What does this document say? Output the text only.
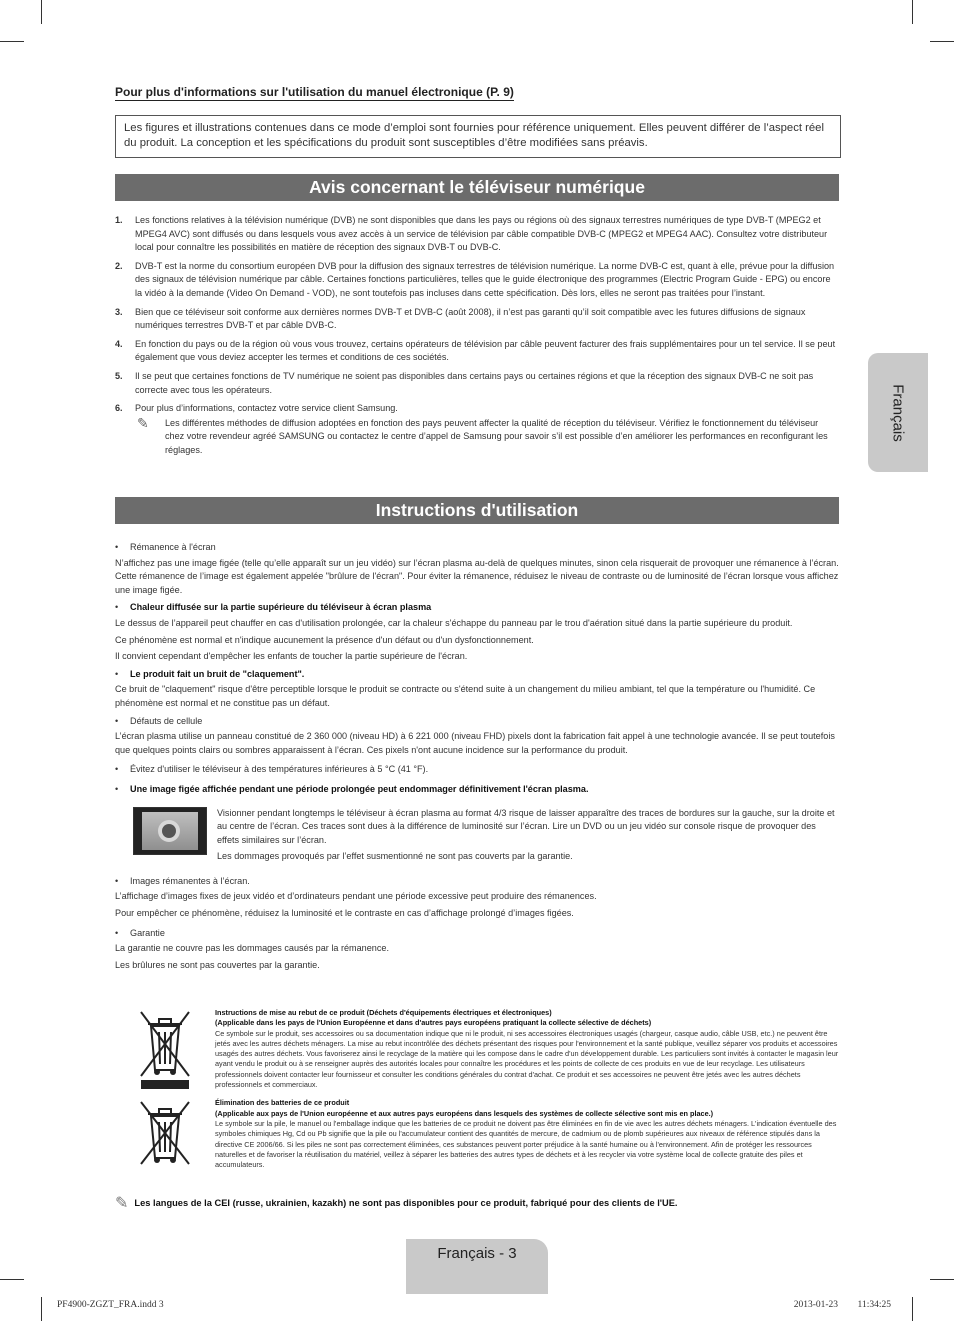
Français
Pour plus d'informations sur l'utilisation du manuel électronique (P. 9)
Les figures et illustrations contenues dans ce mode d’emploi sont fournies pour référence uniquement. Elles peuvent différer de l’aspect réel du produit. La conception et les spécifications du produit sont susceptibles d’être modifiées sans préavis.
Avis concernant le téléviseur numérique
1.	Les fonctions relatives à la télévision numérique (DVB) ne sont disponibles que dans les pays ou régions où des signaux terrestres numériques de type DVB-T (MPEG2 et MPEG4 AVC) sont diffusés ou dans lesquels vous avez accès à un service de télévision par câble compatible DVB-C (MPEG2 et MPEG4 AAC). Consultez votre distributeur local pour connaître les possibilités en matière de réception des signaux DVB-T ou DVB-C.
2.	DVB-T est la norme du consortium européen DVB pour la diffusion des signaux terrestres de télévision numérique. La norme DVB-C est, quant à elle, prévue pour la diffusion des signaux de télévision numérique par câble. Certaines fonctions particulières, telles que le guide électronique des programmes (Electric Program Guide - EPG) ou encore la vidéo à la demande (Video On Demand - VOD), ne sont toutefois pas incluses dans cette spécification. Dès lors, elles ne seront pas traitées pour l’instant.
3.	Bien que ce téléviseur soit conforme aux dernières normes DVB-T et DVB-C (août 2008), il n’est pas garanti qu’il soit compatible avec les futures diffusions de signaux numériques terrestres DVB-T et par câble DVB-C.
4.	En fonction du pays ou de la région où vous vous trouvez, certains opérateurs de télévision par câble peuvent facturer des frais supplémentaires pour un tel service. Il se peut également que vous deviez accepter les termes et conditions de ces sociétés.
5.	Il se peut que certaines fonctions de TV numérique ne soient pas disponibles dans certains pays ou certaines régions et que la réception des signaux DVB-C ne soit pas correcte avec tous les opérateurs.
6.	Pour plus d’informations, contactez votre service client Samsung.
✎	Les différentes méthodes de diffusion adoptées en fonction des pays peuvent affecter la qualité de réception du téléviseur. Vérifiez le fonctionnement du téléviseur chez votre revendeur agréé SAMSUNG ou contactez le centre d’appel de Samsung pour savoir s’il est possible d’en améliorer les performances en reconfigurant les réglages.
Instructions d'utilisation
•	Rémanence à l'écran
N’affichez pas une image figée (telle qu’elle apparaît sur un jeu vidéo) sur l’écran plasma au-delà de quelques minutes, sinon cela risquerait de provoquer une rémanence à l’écran. Cette rémanence de l’image est également appelée "brûlure de l'écran". Pour éviter la rémanence, réduisez le niveau de contraste ou de luminosité de l’écran lorsque vous affichez une image figée.
•	Chaleur diffusée sur la partie supérieure du téléviseur à écran plasma
Le dessus de l’appareil peut chauffer en cas d'utilisation prolongée, car la chaleur s'échappe du panneau par le trou d'aération situé dans la partie supérieure du produit.
Ce phénomène est normal et n'indique aucunement la présence d'un défaut ou d'un dysfonctionnement.
Il convient cependant d'empêcher les enfants de toucher la partie supérieure de l'écran.
•	Le produit fait un bruit de "claquement".
Ce bruit de "claquement" risque d'être perceptible lorsque le produit se contracte ou s'étend suite à un changement du milieu ambiant, tel que la température ou l'humidité. Ce phénomène est normal et ne constitue pas un défaut.
•	Défauts de cellule
L’écran plasma utilise un panneau constitué de 2 360 000 (niveau HD) à 6 221 000 (niveau FHD) pixels dont la fabrication fait appel à une technologie avancée. Il se peut toutefois que quelques points clairs ou sombres apparaissent à l’écran. Ces pixels n'ont aucune incidence sur la performance du produit.
•	Évitez d'utiliser le téléviseur à des températures inférieures à 5 °C (41 °F).
•	Une image figée affichée pendant une période prolongée peut endommager définitivement l'écran plasma.
Visionner pendant longtemps le téléviseur à écran plasma au format 4/3 risque de laisser apparaître des traces de bordures sur la gauche, sur la droite et au centre de l’écran. Ces traces sont dues à la différence de luminosité sur l’écran. Lire un DVD ou un jeu vidéo sur console risque de provoquer des effets similaires sur l’écran.
Les dommages provoqués par l’effet susmentionné ne sont pas couverts par la garantie.
•	Images rémanentes à l’écran.
L’affichage d’images fixes de jeux vidéo et d’ordinateurs pendant une période excessive peut produire des rémanences.
Pour empêcher ce phénomène, réduisez la luminosité et le contraste en cas d’affichage prolongé d’images figées.
•	Garantie
La garantie ne couvre pas les dommages causés par la rémanence.
Les brûlures ne sont pas couvertes par la garantie.
Instructions de mise au rebut de ce produit (Déchets d'équipements électriques et électroniques)
(Applicable dans les pays de l'Union Européenne et dans d'autres pays européens pratiquant la collecte sélective de déchets)
Ce symbole sur le produit, ses accessoires ou sa documentation indique que ni le produit, ni ses accessoires électroniques usagés (chargeur, casque audio, câble USB, etc.) ne peuvent être jetés avec les autres déchets ménagers. La mise au rebut incontrôlée des déchets présentant des risques pour l'environnement et la santé publique, veuillez séparer vos produits et accessoires usagés des autres déchets. Vous favoriserez ainsi le recyclage de la matière qui les compose dans le cadre d'un développement durable. Les particuliers sont invités à contacter le magasin leur ayant vendu le produit ou à se renseigner auprès des autorités locales pour connaître les procédures et les points de collecte de ces produits en vue de leur recyclage. Les utilisateurs professionnels doivent contacter leur fournisseur et consulter les conditions générales du contrat d'achat. Ce produit et ses accessoires ne peuvent être jetés avec les autres déchets professionnels et commerciaux.
Élimination des batteries de ce produit
(Applicable aux pays de l'Union européenne et aux autres pays européens dans lesquels des systèmes de collecte sélective sont mis en place.)
Le symbole sur la pile, le manuel ou l'emballage indique que les batteries de ce produit ne doivent pas être éliminées en fin de vie avec les autres déchets ménagers. L'indication éventuelle des symboles chimiques Hg, Cd ou Pb signifie que la pile ou l'accumulateur contient des quantités de mercure, de cadmium ou de plomb supérieures aux niveaux de référence stipulés dans la directive CE 2006/66. Si les piles ne sont pas correctement éliminées, ces substances peuvent porter préjudice à la santé humaine ou à l'environnement. Afin de protéger les ressources naturelles et de favoriser la réutilisation du matériel, veillez à séparer les batteries des autres types de déchets et à les recycler via votre système local de collecte gratuite des piles et accumulateurs.
✎ Les langues de la CEI (russe, ukrainien, kazakh) ne sont pas disponibles pour ce produit, fabriqué pour des clients de l'UE.
Français - 3
PF4900-ZGZT_FRA.indd 3	2013-01-23 ￿￿ 11:34:25
